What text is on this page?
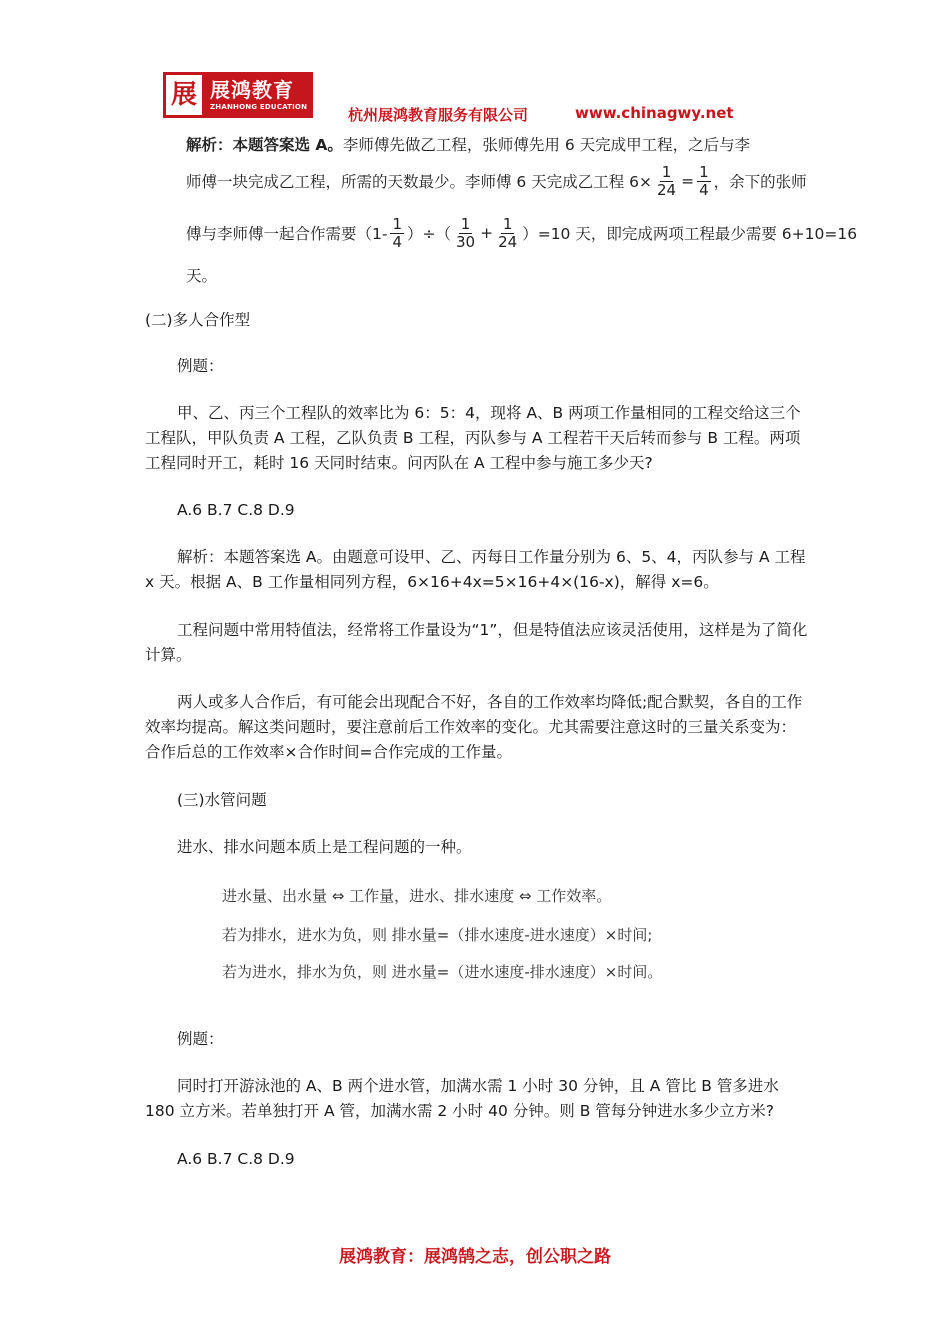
展 展鸿教育
ZHANHONG EDUCATION	杭州展鸿教育服务有限公司	www.chinagwy.net
解析：本题答案选 A。 李师傅先做乙工程，张师傅先用 6 天完成甲工程，之后与李
师傅一块完成乙工程，所需的天数最少。李师傅 6 天完成乙工程 $6\times \frac{1}{24} = \frac{1}{4}$ ，余下的张师
傅与李师傅一起合作需要（$1- \frac{1}{4}$ ）÷（ $\frac{1}{30} + \frac{1}{24} )=10$ 天，即完成两项工程最少需要 6+10=16
天。
(二)多人合作型
例题：
甲、乙、丙三个工程队的效率比为 6：5：4，现将 A、B 两项工作量相同的工程交给这三个工程队，甲队负责 A 工程，乙队负责 B 工程，丙队参与 A 工程若干天后转而参与 B 工程。两项工程同时开工，耗时 16 天同时结束。问丙队在 A 工程中参与施工多少天?
A.6 B.7 C.8 D.9
解析：本题答案选 A。由题意可设甲、乙、丙每日工作量分别为 6、5、4，丙队参与 A 工程 x 天。根据 A、B 工作量相同列方程，6×16+4x=5×16+4×(16-x)，解得 x=6。
工程问题中常用特值法，经常将工作量设为“1”，但是特值法应该灵活使用，这样是为了简化计算。
两人或多人合作后，有可能会出现配合不好，各自的工作效率均降低;配合默契，各自的工作效率均提高。解这类问题时，要注意前后工作效率的变化。尤其需要注意这时的三量关系变为：合作后总的工作效率×合作时间=合作完成的工作量。
(三)水管问题
进水、排水问题本质上是工程问题的一种。
进水量、出水量 ⇔ 工作量，进水、排水速度 ⇔ 工作效率。
若为排水，进水为负，则 排水量=（排水速度-进水速度）×时间;
若为进水，排水为负，则 进水量=（进水速度-排水速度）×时间。
例题：
同时打开游泳池的 A、B 两个进水管，加满水需 1 小时 30 分钟，且 A 管比 B 管多进水 180 立方米。若单独打开 A 管，加满水需 2 小时 40 分钟。则 B 管每分钟进水多少立方米?
A.6 B.7 C.8 D.9
展鸿教育：展鸿鹄之志，创公职之路
